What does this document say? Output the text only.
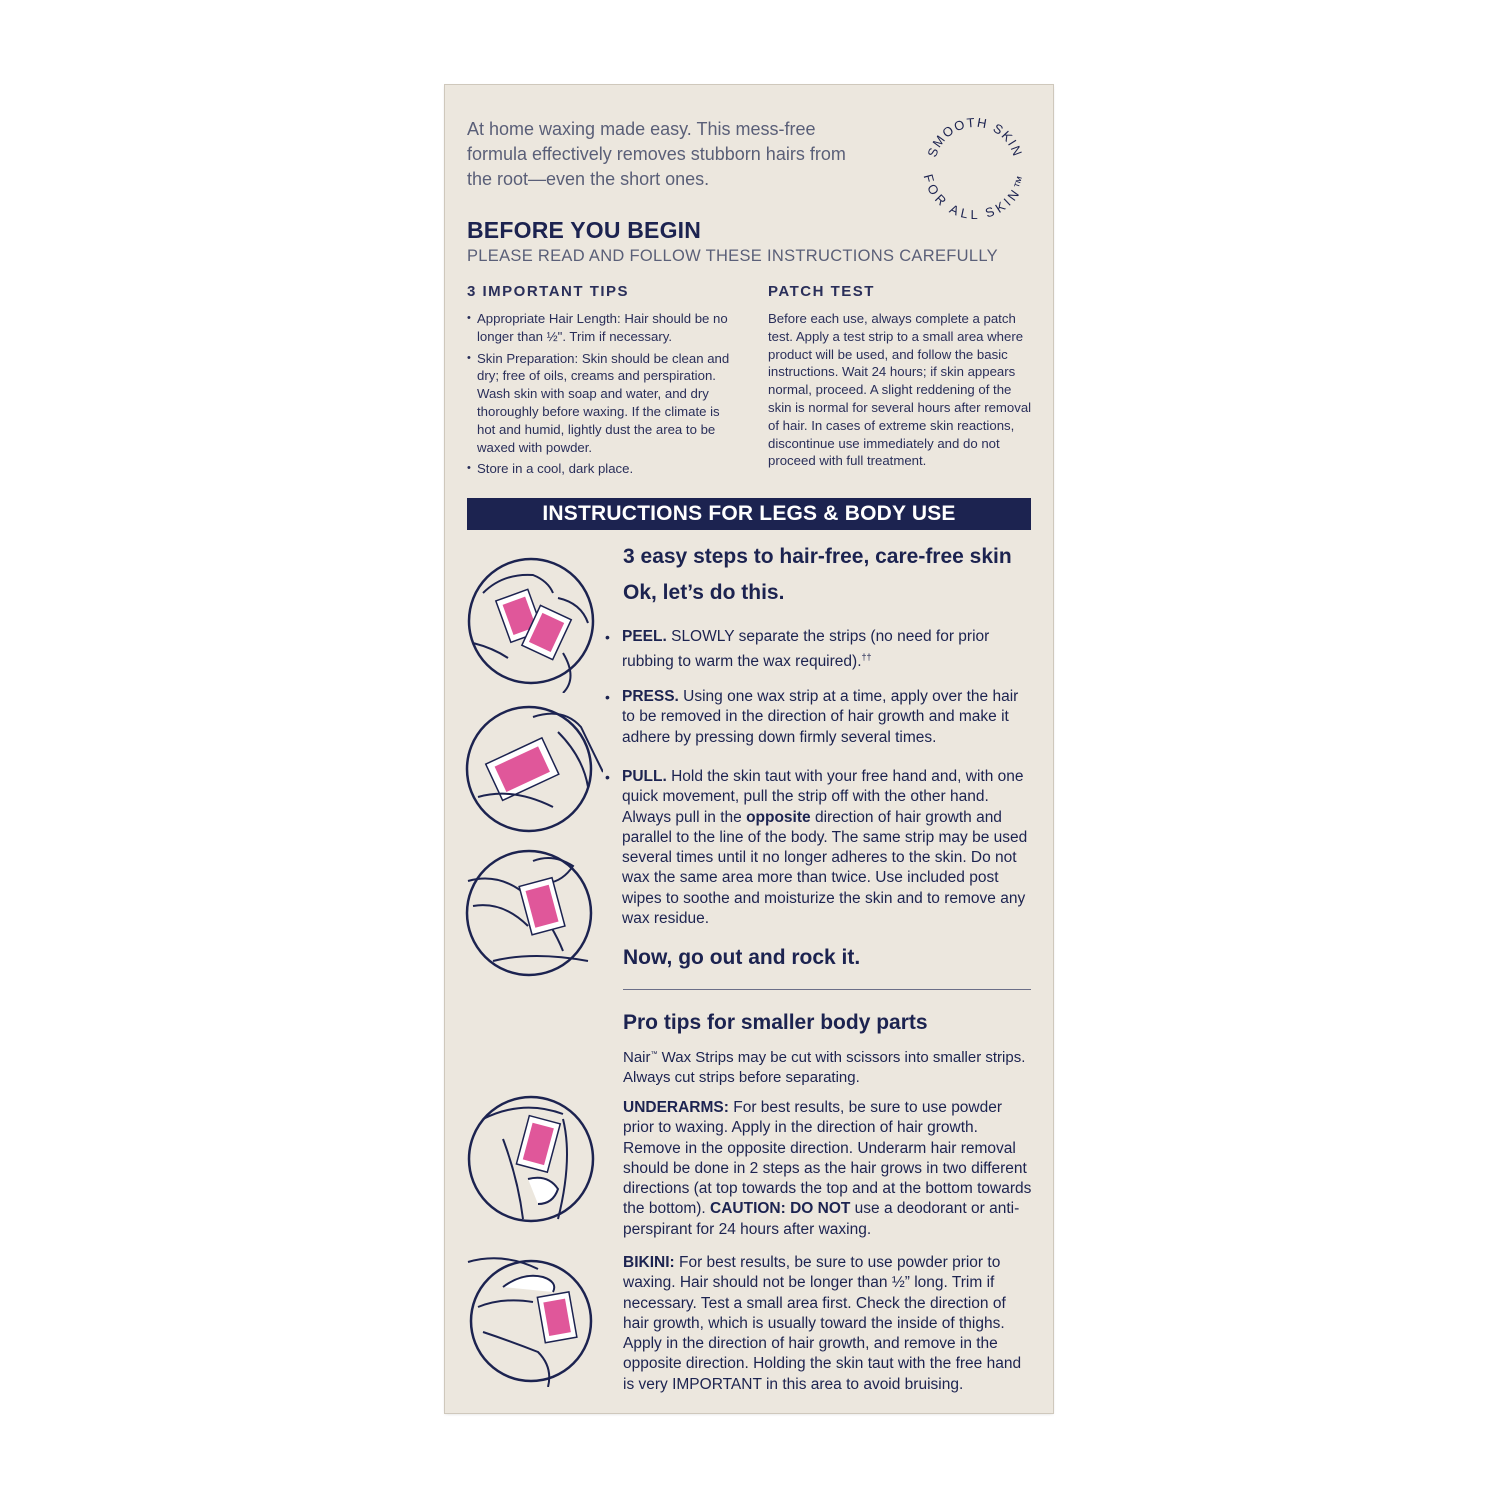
At home waxing made easy. This mess-free formula effectively removes stubborn hairs from the root—even the short ones.
SMOOTH SKIN
FOR ALL SKIN™
BEFORE YOU BEGIN
PLEASE READ AND FOLLOW THESE INSTRUCTIONS CAREFULLY
3 IMPORTANT TIPS
• Appropriate Hair Length: Hair should be no longer than ½". Trim if necessary.
• Skin Preparation: Skin should be clean and dry; free of oils, creams and perspiration. Wash skin with soap and water, and dry thoroughly before waxing. If the climate is hot and humid, lightly dust the area to be waxed with powder.
• Store in a cool, dark place.
PATCH TEST
Before each use, always complete a patch test. Apply a test strip to a small area where product will be used, and follow the basic instructions. Wait 24 hours; if skin appears normal, proceed. A slight reddening of the skin is normal for several hours after removal of hair. In cases of extreme skin reactions, discontinue use immediately and do not proceed with full treatment.
INSTRUCTIONS FOR LEGS & BODY USE
3 easy steps to hair-free, care-free skin
Ok, let’s do this.
• PEEL. SLOWLY separate the strips (no need for prior rubbing to warm the wax required).††
• PRESS. Using one wax strip at a time, apply over the hair to be removed in the direction of hair growth and make it adhere by pressing down firmly several times.
• PULL. Hold the skin taut with your free hand and, with one quick movement, pull the strip off with the other hand. Always pull in the opposite direction of hair growth and parallel to the line of the body. The same strip may be used several times until it no longer adheres to the skin. Do not wax the same area more than twice. Use included post wipes to soothe and moisturize the skin and to remove any wax residue.
Now, go out and rock it.
Pro tips for smaller body parts
Nair™ Wax Strips may be cut with scissors into smaller strips. Always cut strips before separating.
UNDERARMS: For best results, be sure to use powder prior to waxing. Apply in the direction of hair growth. Remove in the opposite direction. Underarm hair removal should be done in 2 steps as the hair grows in two different directions (at top towards the top and at the bottom towards the bottom). CAUTION: DO NOT use a deodorant or anti-perspirant for 24 hours after waxing.
BIKINI: For best results, be sure to use powder prior to waxing. Hair should not be longer than ½” long. Trim if necessary. Test a small area first. Check the direction of hair growth, which is usually toward the inside of thighs. Apply in the direction of hair growth, and remove in the opposite direction. Holding the skin taut with the free hand is very IMPORTANT in this area to avoid bruising.
